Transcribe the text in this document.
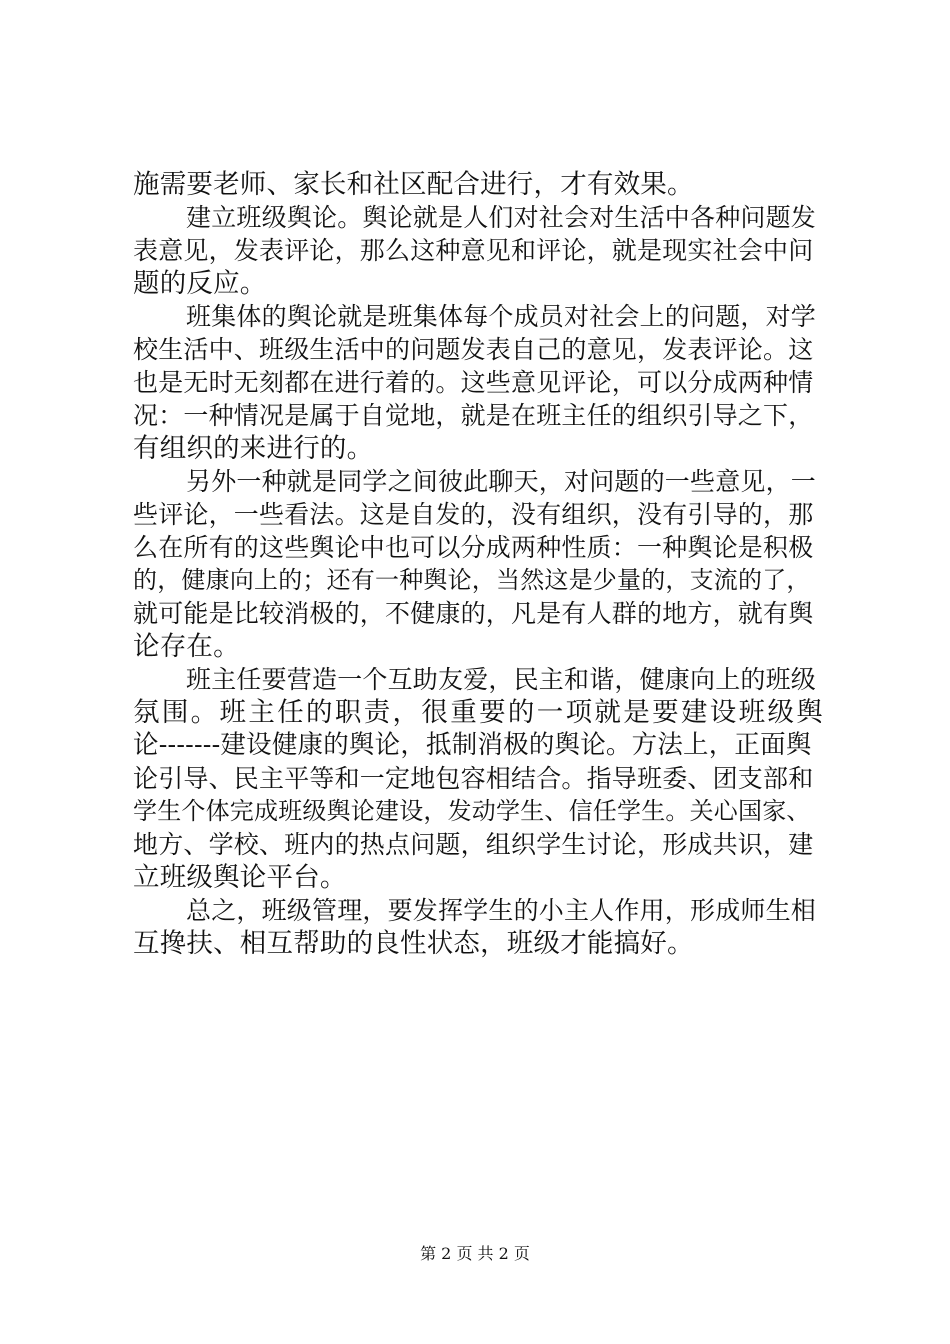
施需要老师、家长和社区配合进行，才有效果。
建立班级舆论。舆论就是人们对社会对生活中各种问题发
表意见，发表评论，那么这种意见和评论，就是现实社会中问
题的反应。
班集体的舆论就是班集体每个成员对社会上的问题，对学
校生活中、班级生活中的问题发表自己的意见，发表评论。这
也是无时无刻都在进行着的。这些意见评论，可以分成两种情
况：一种情况是属于自觉地，就是在班主任的组织引导之下，
有组织的来进行的。
另外一种就是同学之间彼此聊天，对问题的一些意见，一
些评论，一些看法。这是自发的，没有组织，没有引导的，那
么在所有的这些舆论中也可以分成两种性质：一种舆论是积极
的，健康向上的；还有一种舆论，当然这是少量的，支流的了，
就可能是比较消极的，不健康的，凡是有人群的地方，就有舆
论存在。
班主任要营造一个互助友爱，民主和谐，健康向上的班级
氛围。班主任的职责，很重要的一项就是要建设班级舆
论-------建设健康的舆论，抵制消极的舆论。方法上，正面舆
论引导、民主平等和一定地包容相结合。指导班委、团支部和
学生个体完成班级舆论建设，发动学生、信任学生。关心国家、
地方、学校、班内的热点问题，组织学生讨论，形成共识，建
立班级舆论平台。
总之，班级管理，要发挥学生的小主人作用，形成师生相
互搀扶、相互帮助的良性状态，班级才能搞好。
第 2 页 共 2 页
